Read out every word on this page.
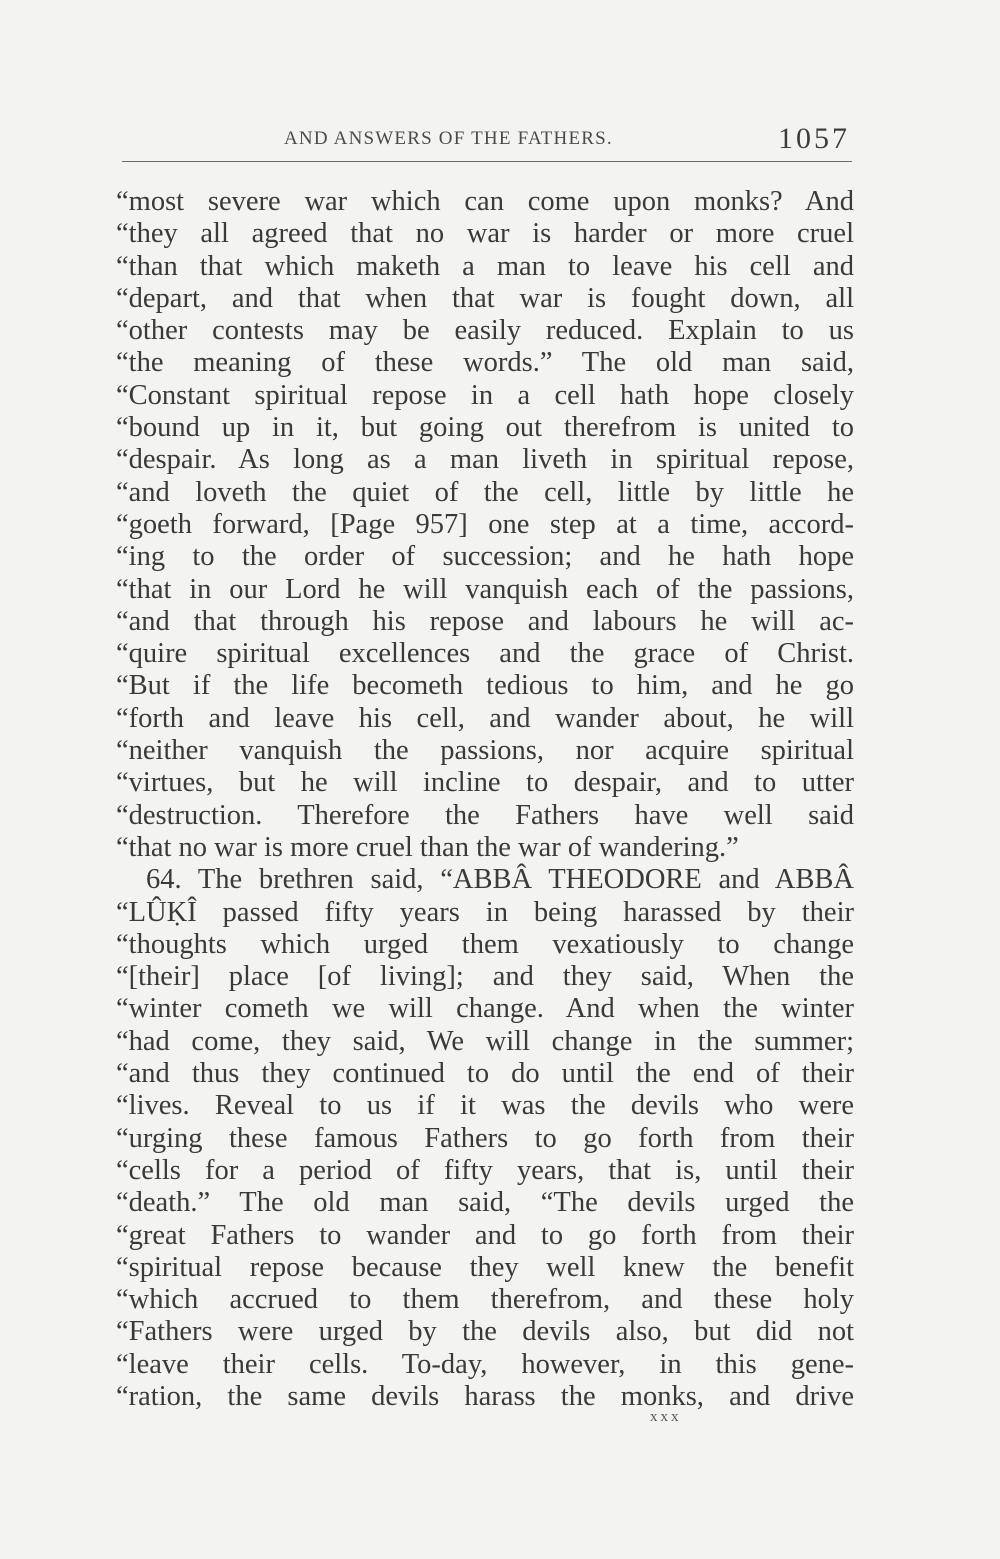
AND ANSWERS OF THE FATHERS.	1057
“most severe war which can come upon monks? And
“they all agreed that no war is harder or more cruel
“than that which maketh a man to leave his cell and
“depart, and that when that war is fought down, all
“other contests may be easily reduced. Explain to us
“the meaning of these words.” The old man said,
“Constant spiritual repose in a cell hath hope closely
“bound up in it, but going out therefrom is united to
“despair. As long as a man liveth in spiritual repose,
“and loveth the quiet of the cell, little by little he
“goeth forward, [Page 957] one step at a time, accord-
“ing to the order of succession; and he hath hope
“that in our Lord he will vanquish each of the passions,
“and that through his repose and labours he will ac-
“quire spiritual excellences and the grace of Christ.
“But if the life becometh tedious to him, and he go
“forth and leave his cell, and wander about, he will
“neither vanquish the passions, nor acquire spiritual
“virtues, but he will incline to despair, and to utter
“destruction. Therefore the Fathers have well said
“that no war is more cruel than the war of wandering.”
64. The brethren said, “ABBÂ THEODORE and ABBÂ
“LÛḲÎ passed fifty years in being harassed by their
“thoughts which urged them vexatiously to change
“[their] place [of living]; and they said, When the
“winter cometh we will change. And when the winter
“had come, they said, We will change in the summer;
“and thus they continued to do until the end of their
“lives. Reveal to us if it was the devils who were
“urging these famous Fathers to go forth from their
“cells for a period of fifty years, that is, until their
“death.” The old man said, “The devils urged the
“great Fathers to wander and to go forth from their
“spiritual repose because they well knew the benefit
“which accrued to them therefrom, and these holy
“Fathers were urged by the devils also, but did not
“leave their cells. To-day, however, in this gene-
“ration, the same devils harass the monks, and drive
xxx
